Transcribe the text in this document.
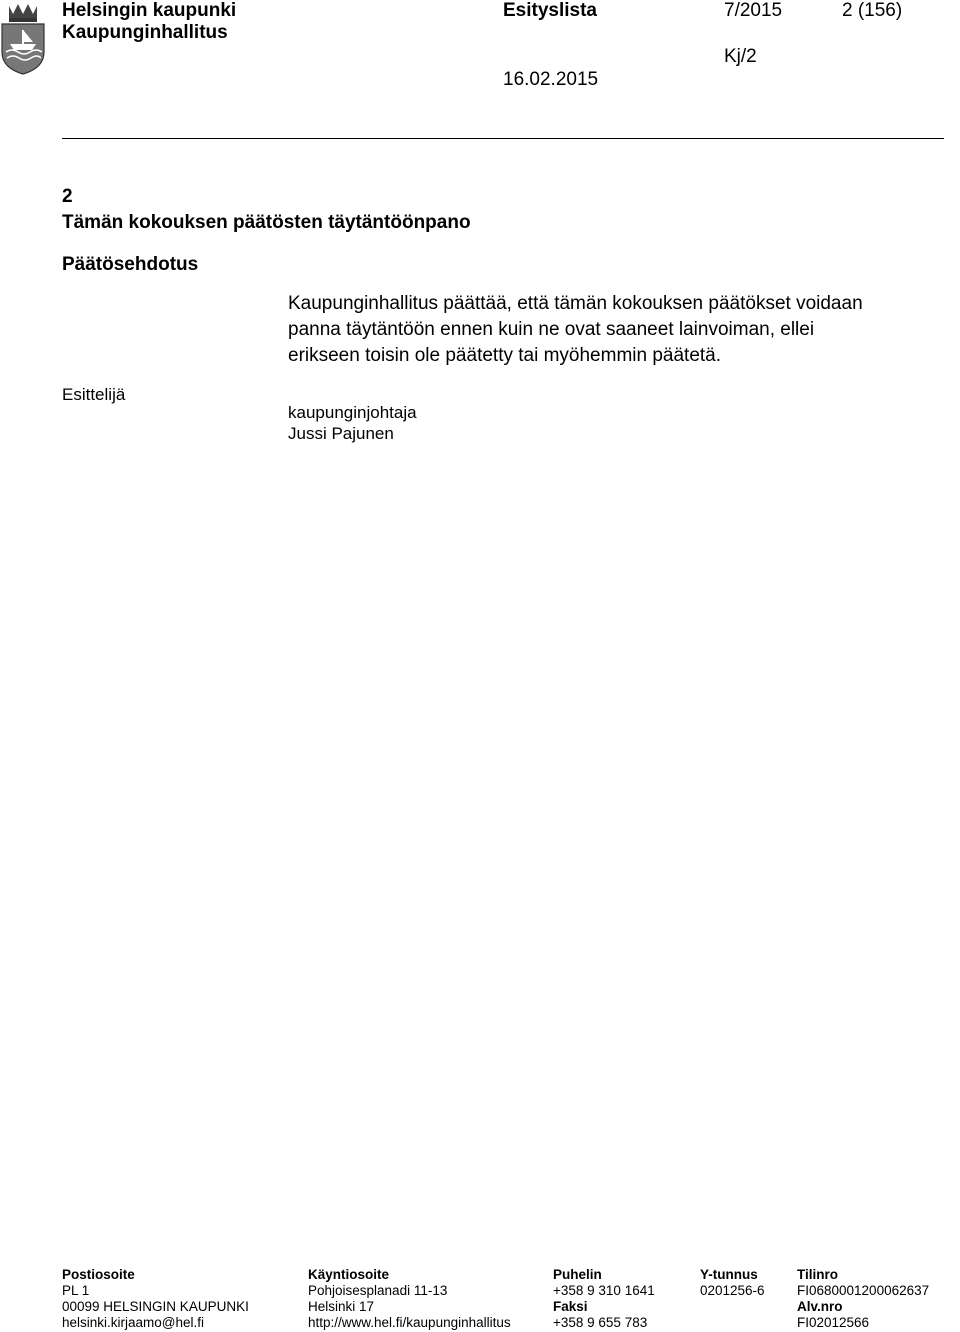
Helsingin kaupunki
Kaupunginhallitus
Esityslista	7/2015	2 (156)
Kj/2
16.02.2015
2
Tämän kokouksen päätösten täytäntöönpano
Päätösehdotus
Kaupunginhallitus päättää, että tämän kokouksen päätökset voidaan
panna täytäntöön ennen kuin ne ovat saaneet lainvoiman, ellei
erikseen toisin ole päätetty tai myöhemmin päätetä.
Esittelijä
kaupunginjohtaja
Jussi Pajunen
Postiosoite
PL 1
00099 HELSINGIN KAUPUNKI
helsinki.kirjaamo@hel.fi
Käyntiosoite
Pohjoisesplanadi 11-13
Helsinki 17
http://www.hel.fi/kaupunginhallitus
Puhelin
+358 9 310 1641
Faksi
+358 9 655 783
Y-tunnus
0201256-6
Tilinro
FI0680001200062637
Alv.nro
FI02012566
